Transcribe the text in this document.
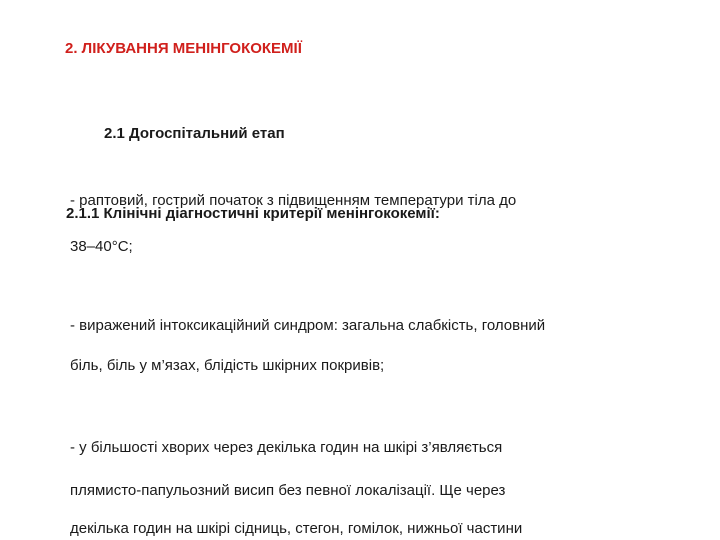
2. ЛІКУВАННЯ МЕНІНГОКОКЕМІЇ
2.1 Догоспітальний етап
- раптовий, гострий початок з підвищенням температури тіла до
2.1.1 Клінічні діагностичні критерії менінгококемії:
38–40°С;
- виражений інтоксикаційний синдром: загальна слабкість, головний
біль, біль у м’язах, блідість шкірних покривів;
- у більшості хворих через декілька годин на шкірі з’являється
плямисто-папульозний висип без певної локалізації. Ще через
декілька годин на шкірі сідниць, стегон, гомілок, нижньої частини
